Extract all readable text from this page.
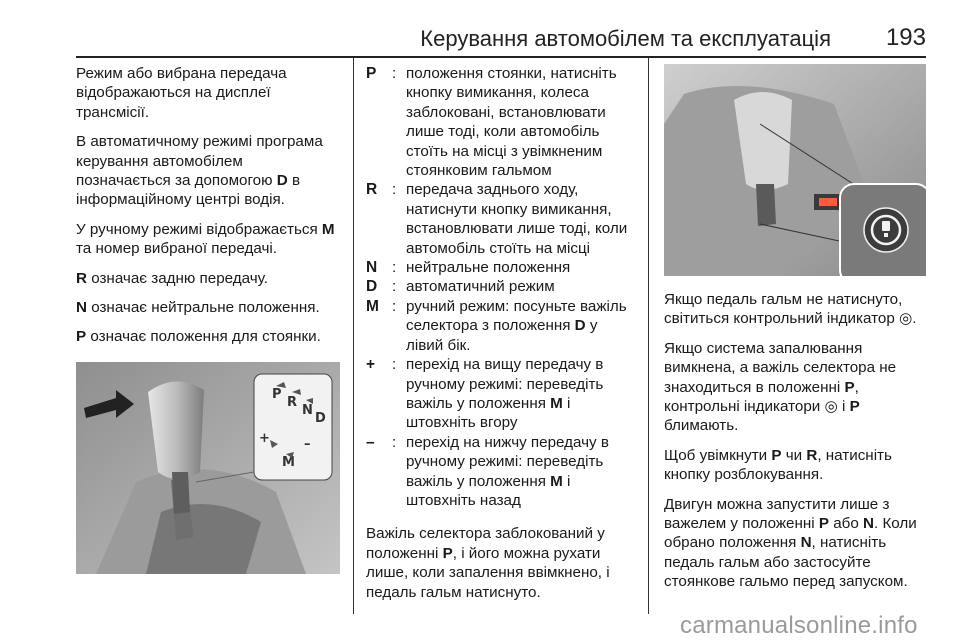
Керування автомобілем та експлуатація 193

Режим або вибрана передача відображаються на дисплеї трансмісії.

В автоматичному режимі програма керування автомобілем позначається за допомогою D в інформаційному центрі водія.

У ручному режимі відображається M та номер вибраної передачі.

R означає задню передачу.

N означає нейтральне положення.

P означає положення для стоянки.

P
R
N
D
+
M
–
P	: положення стоянки, натисніть кнопку вимикання, колеса заблоковані, встановлювати лише тоді, коли автомобіль стоїть на місці з увімкненим стоянковим гальмом
R : передача заднього ходу, натиснути кнопку вимикання, встановлювати лише тоді, коли автомобіль стоїть на місці
N : нейтральне положення
D : автоматичний режим
M : ручний режим: посуньте важіль селектора з положення D у лівий бік.
+	: перехід на вищу передачу в ручному режимі: переведіть важіль у положення M і штовхніть вгору
–	: перехід на нижчу передачу в ручному режимі: переведіть важіль у положення M і штовхніть назад

Важіль селектора заблокований у положенні P, і його можна рухати лише, коли запалення ввімкнено, і педаль гальм натиснуто.

Якщо педаль гальм не натиснуто, світиться контрольний індикатор ◎.

Якщо система запалювання вимкнена, а важіль селектора не знаходиться в положенні P, контрольні індикатори ◎ і P блимають.

Щоб увімкнути P чи R, натисніть кнопку розблокування.

Двигун можна запустити лише з важелем у положенні P або N. Коли обрано положення N, натисніть педаль гальм або застосуйте стоянкове гальмо перед запуском.

carmanualsonline.info
